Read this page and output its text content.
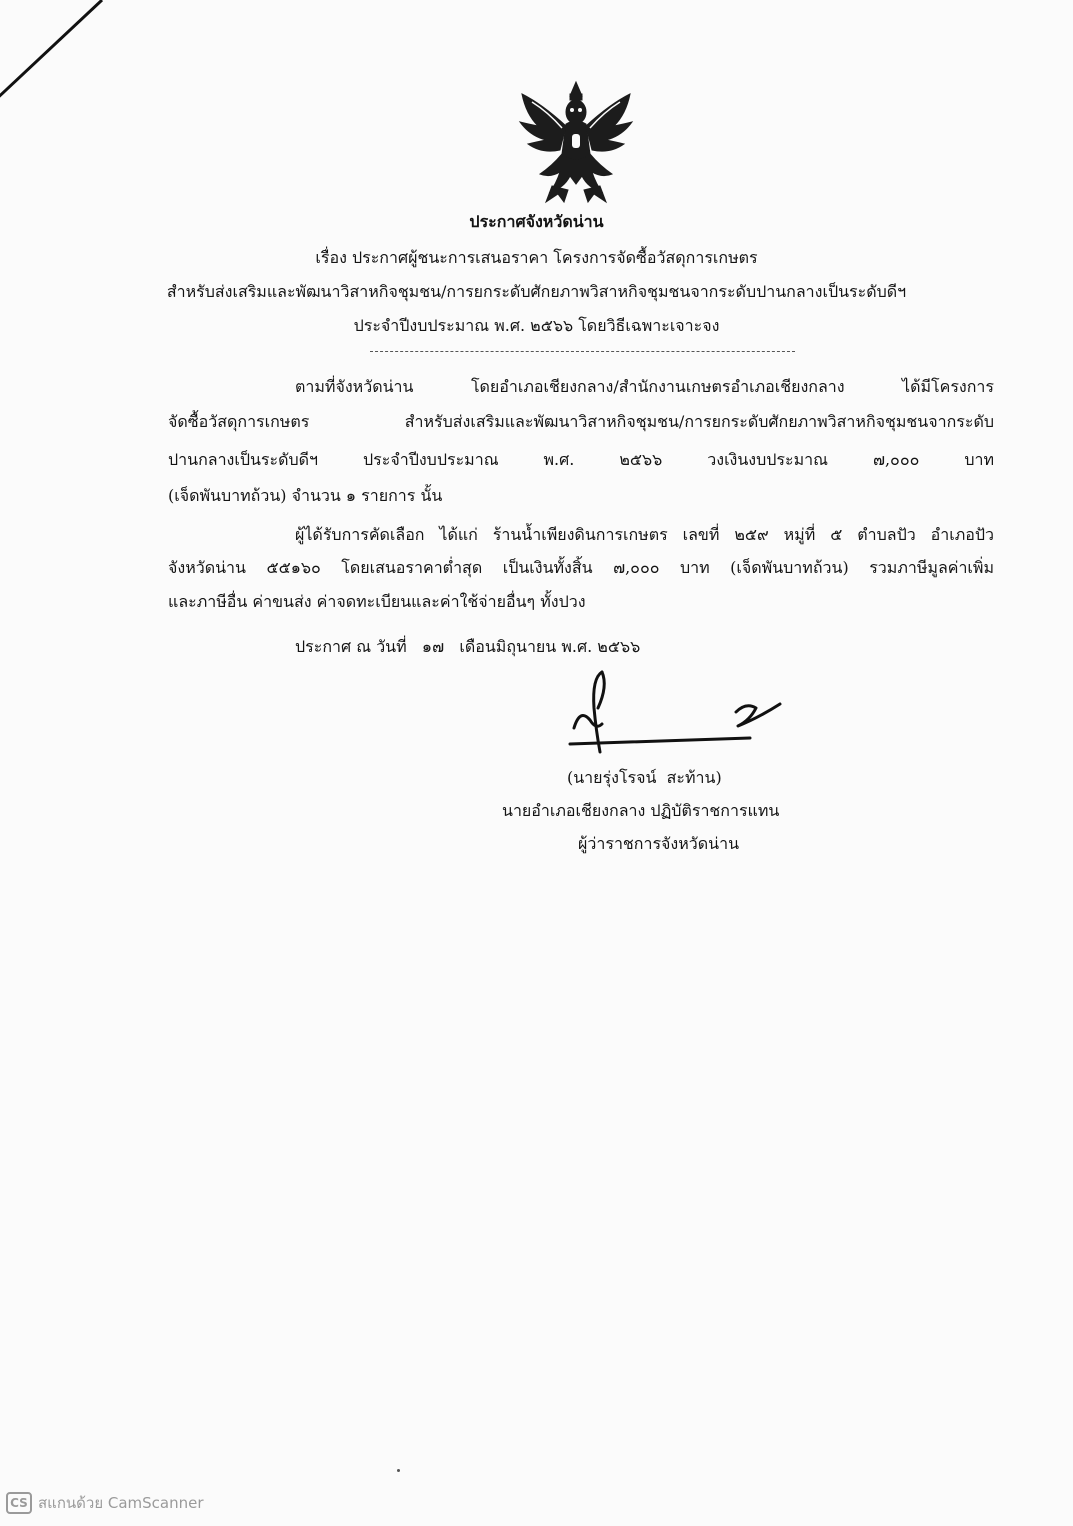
ประกาศจังหวัดน่าน
เรื่อง ประกาศผู้ชนะการเสนอราคา โครงการจัดซื้อวัสดุการเกษตร
สำหรับส่งเสริมและพัฒนาวิสาหกิจชุมชน/การยกระดับศักยภาพวิสาหกิจชุมชนจากระดับปานกลางเป็นระดับดีฯ
ประจำปีงบประมาณ พ.ศ. ๒๕๖๖ โดยวิธีเฉพาะเจาะจง
ตามที่จังหวัดน่าน โดยอำเภอเชียงกลาง/สำนักงานเกษตรอำเภอเชียงกลาง ได้มีโครงการ
จัดซื้อวัสดุการเกษตร สำหรับส่งเสริมและพัฒนาวิสาหกิจชุมชน/การยกระดับศักยภาพวิสาหกิจชุมชนจากระดับ
ปานกลางเป็นระดับดีฯ ประจำปีงบประมาณ พ.ศ. ๒๕๖๖ วงเงินงบประมาณ ๗,๐๐๐ บาท
(เจ็ดพันบาทถ้วน) จำนวน ๑ รายการ นั้น
ผู้ได้รับการคัดเลือก ได้แก่ ร้านน้ำเพียงดินการเกษตร เลขที่ ๒๕๙ หมู่ที่ ๕ ตำบลปัว อำเภอปัว
จังหวัดน่าน ๕๕๑๖๐ โดยเสนอราคาต่ำสุด เป็นเงินทั้งสิ้น ๗,๐๐๐ บาท (เจ็ดพันบาทถ้วน) รวมภาษีมูลค่าเพิ่ม
และภาษีอื่น ค่าขนส่ง ค่าจดทะเบียนและค่าใช้จ่ายอื่นๆ ทั้งปวง
ประกาศ ณ วันที่   ๑๗   เดือนมิถุนายน พ.ศ. ๒๕๖๖
(นายรุ่งโรจน์  สะท้าน)
นายอำเภอเชียงกลาง ปฏิบัติราชการแทน
ผู้ว่าราชการจังหวัดน่าน
CS สแกนด้วย CamScanner
